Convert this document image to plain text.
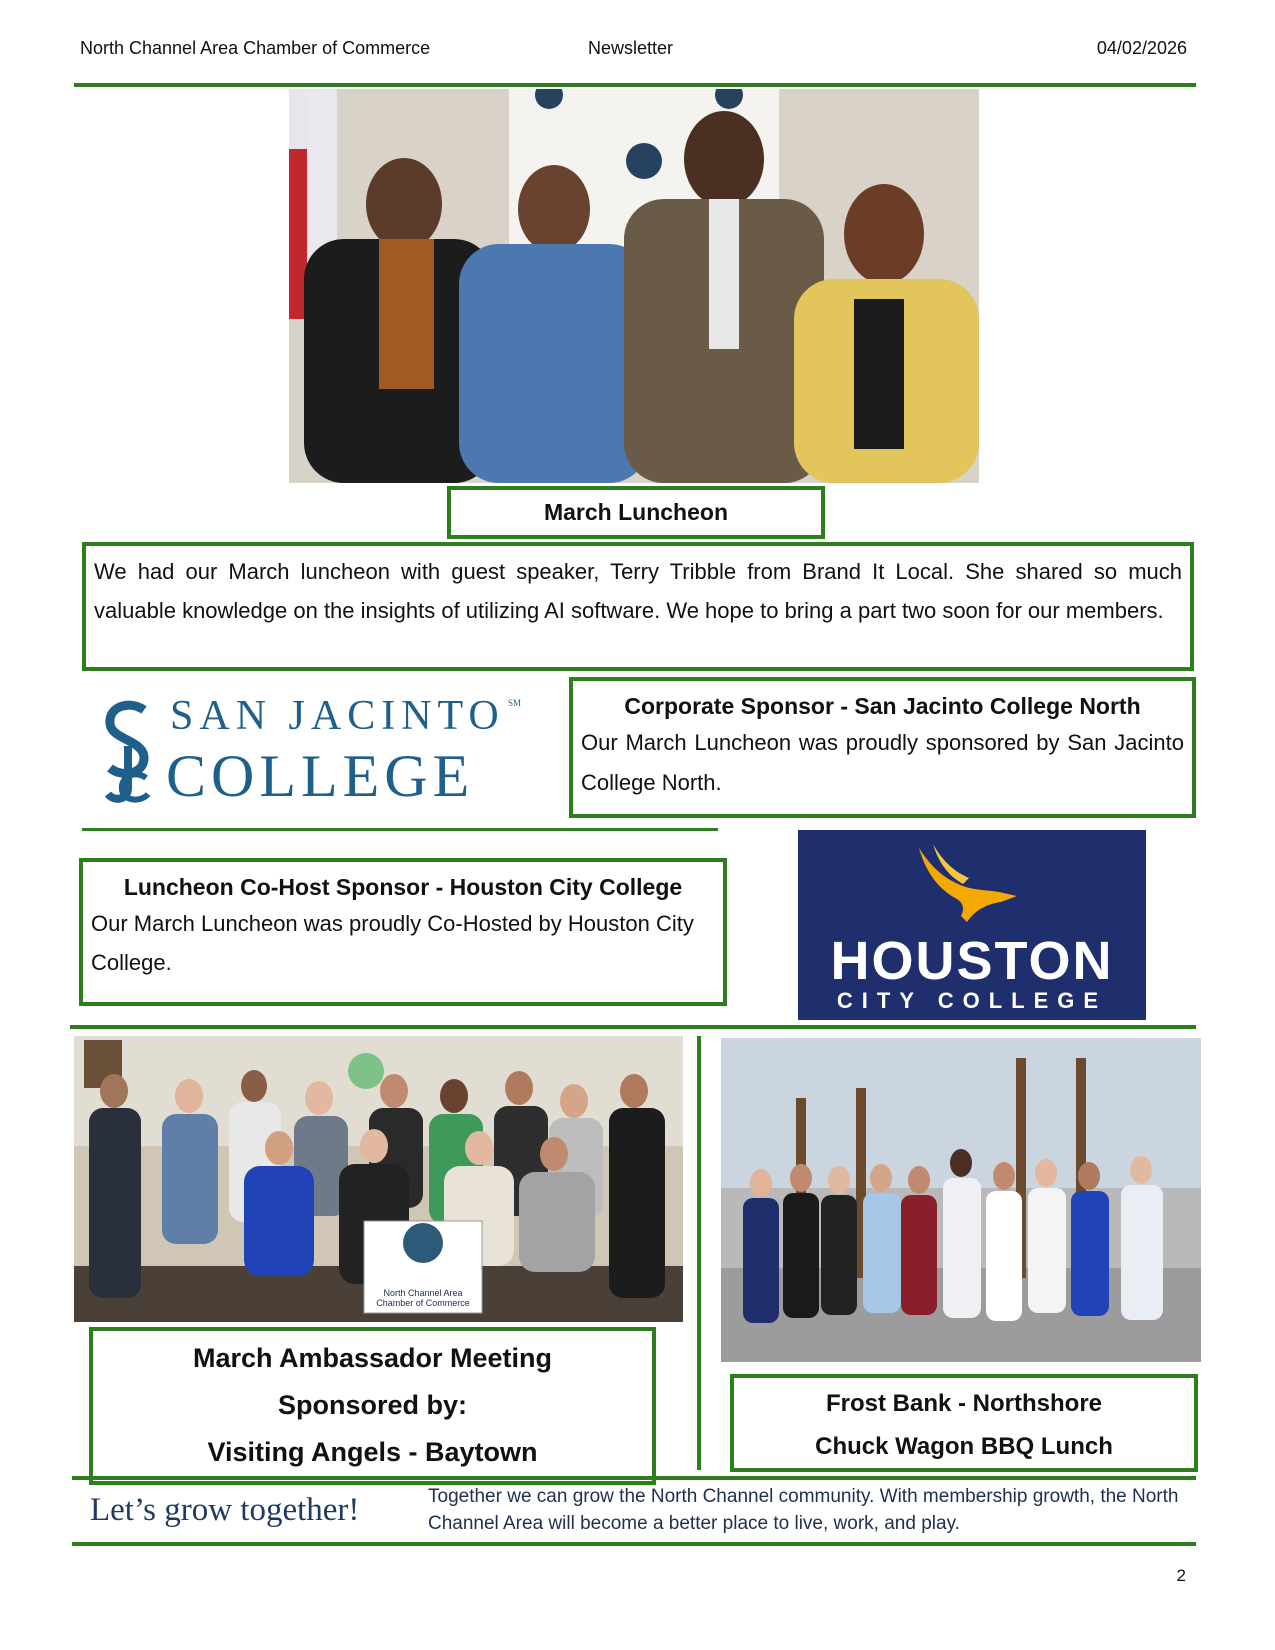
North Channel Area Chamber of Commerce	Newsletter	04/02/2026
March Luncheon
We had our March luncheon with guest speaker, Terry Tribble from Brand It Local. She shared so much valuable knowledge on the insights of utilizing AI software. We hope to bring a part two soon for our members.
SAN JACINTO SM
COLLEGE
Corporate Sponsor - San Jacinto College North
Our March Luncheon was proudly sponsored by San Jacinto College North.
Luncheon Co-Host Sponsor - Houston City College
Our March Luncheon was proudly Co-Hosted by Houston City College.	HOUSTON
CITY COLLEGE
North Channel Area
Chamber of Commerce
March Ambassador Meeting
Sponsored by:
Visiting Angels - Baytown
Frost Bank - Northshore
Chuck Wagon BBQ Lunch
Let’s grow together!	Together we can grow the North Channel community. With membership growth, the North Channel Area will become a better place to live, work, and play.
2
